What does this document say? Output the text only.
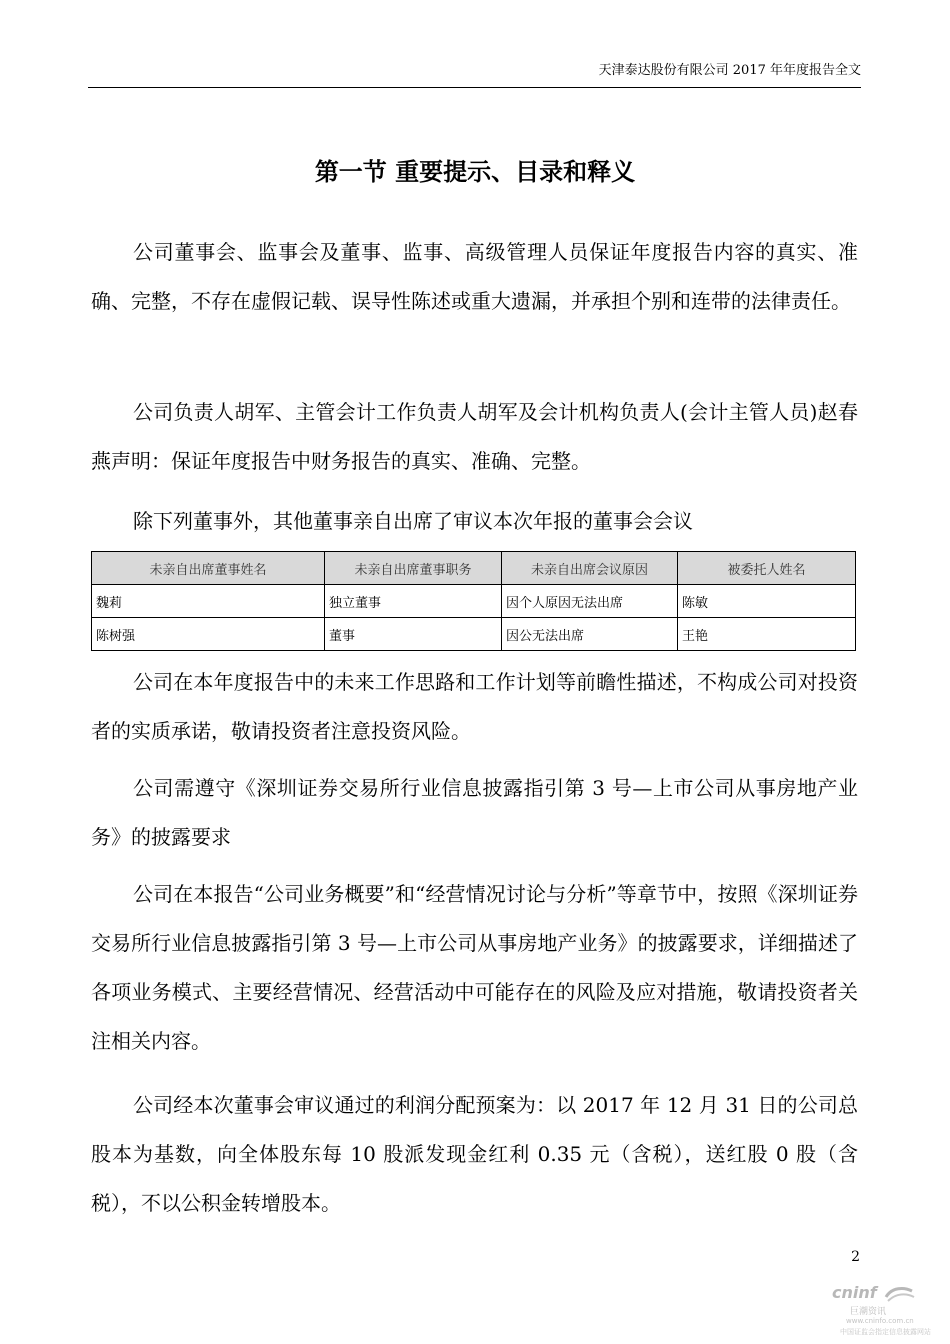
天津泰达股份有限公司 2017 年年度报告全文
第一节 重要提示、目录和释义

公司董事会、监事会及董事、监事、高级管理人员保证年度报告内容的真实、准确、完整，不存在虚假记载、误导性陈述或重大遗漏，并承担个别和连带的法律责任。

公司负责人胡军、主管会计工作负责人胡军及会计机构负责人(会计主管人员)赵春燕声明：保证年度报告中财务报告的真实、准确、完整。

除下列董事外，其他董事亲自出席了审议本次年报的董事会会议

未亲自出席董事姓名	未亲自出席董事职务	未亲自出席会议原因	被委托人姓名
魏莉	独立董事	因个人原因无法出席	陈敏
陈树强	董事	因公无法出席	王艳

公司在本年度报告中的未来工作思路和工作计划等前瞻性描述，不构成公司对投资者的实质承诺，敬请投资者注意投资风险。

公司需遵守《深圳证券交易所行业信息披露指引第 3 号—上市公司从事房地产业务》的披露要求

公司在本报告“公司业务概要”和“经营情况讨论与分析”等章节中，按照《深圳证券交易所行业信息披露指引第 3 号—上市公司从事房地产业务》的披露要求，详细描述了各项业务模式、主要经营情况、经营活动中可能存在的风险及应对措施，敬请投资者关注相关内容。

公司经本次董事会审议通过的利润分配预案为：以 2017 年 12 月 31 日的公司总股本为基数，向全体股东每 10 股派发现金红利 0.35 元（含税），送红股 0 股（含税），不以公积金转增股本。

2
cninf
巨潮资讯
www.cninfo.com.cn
中国证监会指定信息披露网站
